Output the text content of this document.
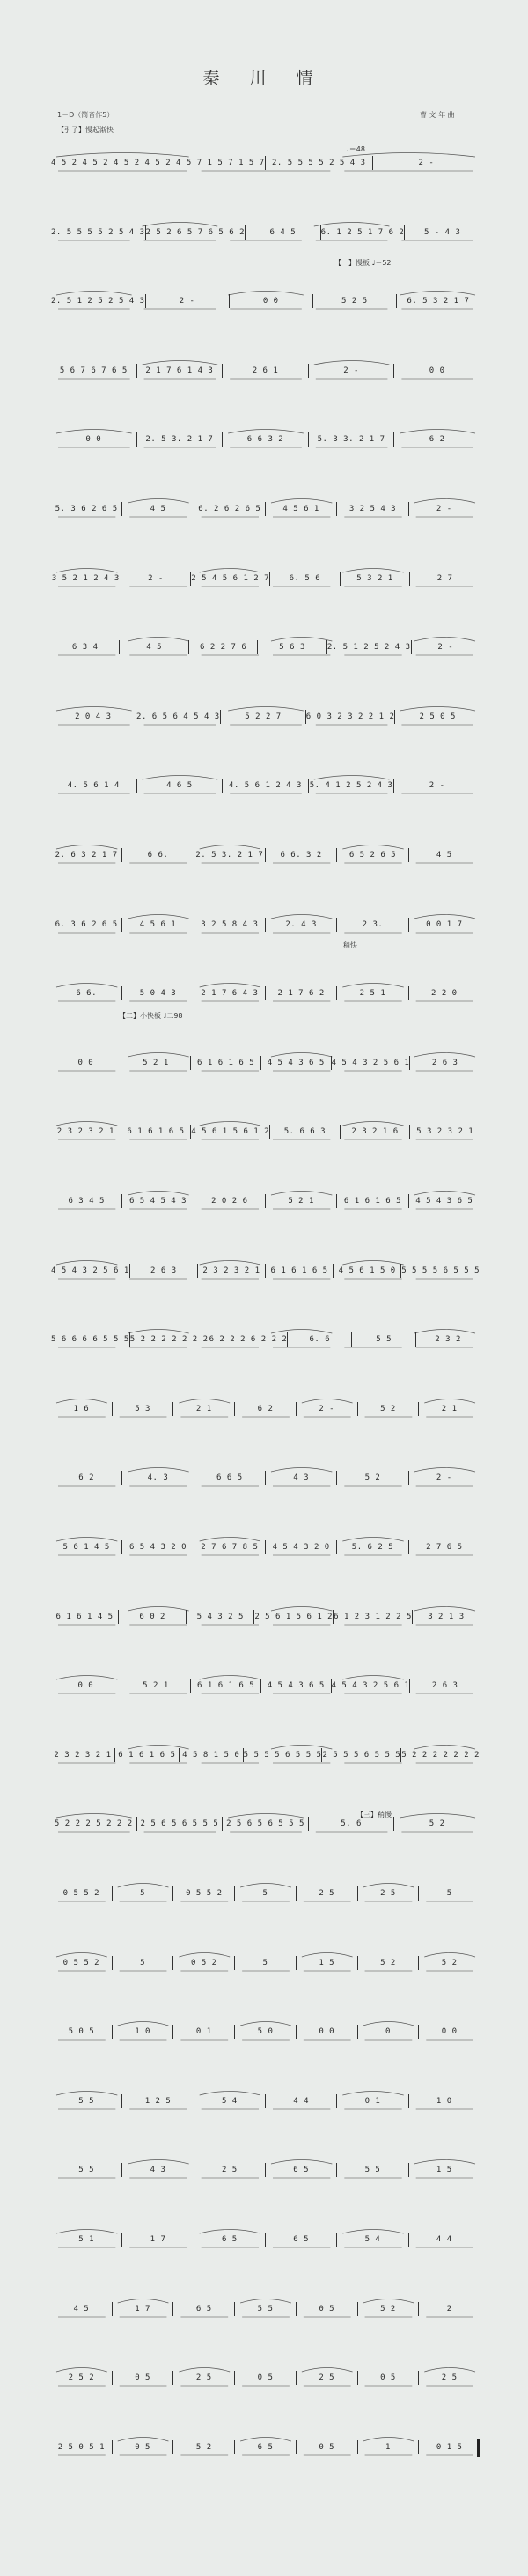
秦 川 情
1＝D（筒音作5）	曹 文 年 曲
【引子】慢起渐快
♩＝48
【一】慢板 ♩＝52
稍快
【二】小快板 ♩二98
【三】稍慢
4 5 2 4 5 2 4 5 2 4 5 2 4 5 7 1 5 7 1 5 7 2. 5 5 5 5 2 5 4 3	2 ‐
2. 5 5 5 5 2 5 4 3 2 5 2 6 5 7 6 5 6 2	6 4 5	6. 1 2 5 1 7 6 2	5 ‐ 4 3
2. 5 1 2 5 2 5 4 3	2 ‐	0 0	5 2 5	6. 5 3 2 1 7
5 6 7 6 7 6 5	2 1 7 6 1 4 3	2 6 1	2 ‐	0 0
0 0	2. 5 3. 2 1 7	6 6 3 2	5. 3 3. 2 1 7	6 2
5. 3 6 2 6 5	4 5	6. 2 6 2 6 5	4 5 6 1	3 2 5 4 3	2 ‐
3 5 2 1 2 4 3	2 ‐	2 5 4 5 6 1 2 7	6. 5 6	5 3 2 1	2 7
6 3 4	4 5	6 2 2 7 6	5 6 3	2. 5 1 2 5 2 4 3	2 ‐
2 0 4 3	2. 6 5 6 4 5 4 3	5 2 2 7	6 0 3 2 3 2 2 1 2	2 5 0 5
4. 5 6 1 4	4 6 5	4. 5 6 1 2 4 3 5. 4 1 2 5 2 4 3	2 ‐
2. 6 3 2 1 7	6 6.	2. 5 3. 2 1 7	6 6. 3 2	6 5 2 6 5	4 5
6. 3 6 2 6 5	4 5 6 1	3 2 5 8 4 3	2. 4 3	2 3.	0 0 1 7
6 6.	5 0 4 3	2 1 7 6 4 3	2 1 7 6 2	2 5 1	2 2 0
0 0	5 2 1	6 1 6 1 6 5	4 5 4 3 6 5 4 5 4 3 2 5 6 1	2 6 3
2 3 2 3 2 1	6 1 6 1 6 5 4 5 6 1 5 6 1 2	5. 6 6 3	2 3 2 1 6	5 3 2 3 2 1
6 3 4 5	6 5 4 5 4 3	2 0 2 6	5 2 1	6 1 6 1 6 5	4 5 4 3 6 5
4 5 4 3 2 5 6 1	2 6 3	2 3 2 3 2 1	6 1 6 1 6 5	4 5 6 1 5 0 5 5 5 5 6 5 5 5
5 6 6 6 6 5 5 5 5 2 2 2 2 2 2 2 6 2 2 2 6 2 2 2	6. 6	5 5	2 3 2
1 6	5 3	2 1	6 2	2 ‐	5 2	2 1
6 2	4. 3	6 6 5	4 3	5 2	2 ‐
5 6 1 4 5	6 5 4 3 2 0	2 7 6 7 8 5	4 5 4 3 2 0	5. 6 2 5	2 7 6 5
6 1 6 1 4 5	6 0 2	5 4 3 2 5	2 5 6 1 5 6 1 2 6 1 2 3 1 2 2 5	3 2 1 3
0 0	5 2 1	6 1 6 1 6 5	4 5 4 3 6 5 4 5 4 3 2 5 6 1	2 6 3
2 3 2 3 2 1 6 1 6 1 6 5 4 5 8 1 5 0 5 5 5 5 6 5 5 5 2 5 5 5 6 5 5 5 5 2 2 2 2 2 2 2
5 2 2 2 5 2 2 2 2 5 6 5 6 5 5 5 2 5 6 5 6 5 5 5	5. 6	5 2
0 5 5 2	5	0 5 5 2	5	2 5	2 5	5
0 5 5 2	5	0 5 2	5	1 5	5 2	5 2
5 0 5	1 0	0 1	5 0	0 0	0	0 0
5 5	1 2 5	5 4	4 4	0 1	1 0
5 5	4 3	2 5	6 5	5 5	1 5
5 1	1 7	6 5	6 5	5 4	4 4
4 5	1 7	6 5	5 5	0 5	5 2	2
2 5 2	0 5	2 5	0 5	2 5	0 5	2 5
2 5 0 5 1	0 5	5 2	6 5	0 5	1	0 1 5
